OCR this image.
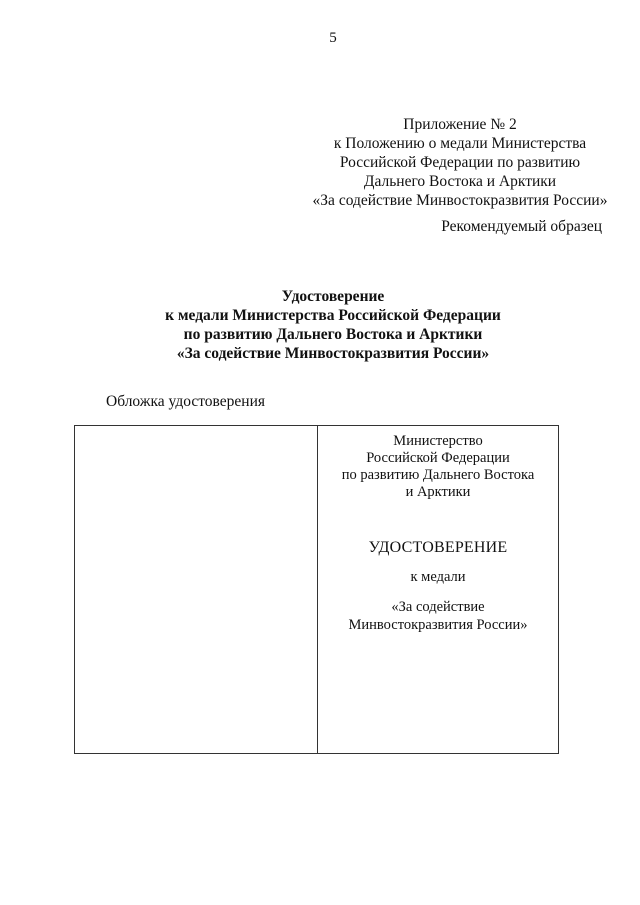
5
Приложение № 2
к Положению о медали Министерства
Российской Федерации по развитию
Дальнего Востока и Арктики
«За содействие Минвостокразвития России»
Рекомендуемый образец
Удостоверение
к медали Министерства Российской Федерации
по развитию Дальнего Востока и Арктики
«За содействие Минвостокразвития России»
Обложка удостоверения
Министерство
Российской Федерации
по развитию Дальнего Востока
и Арктики
УДОСТОВЕРЕНИЕ
к медали
«За содействие
Минвостокразвития России»
